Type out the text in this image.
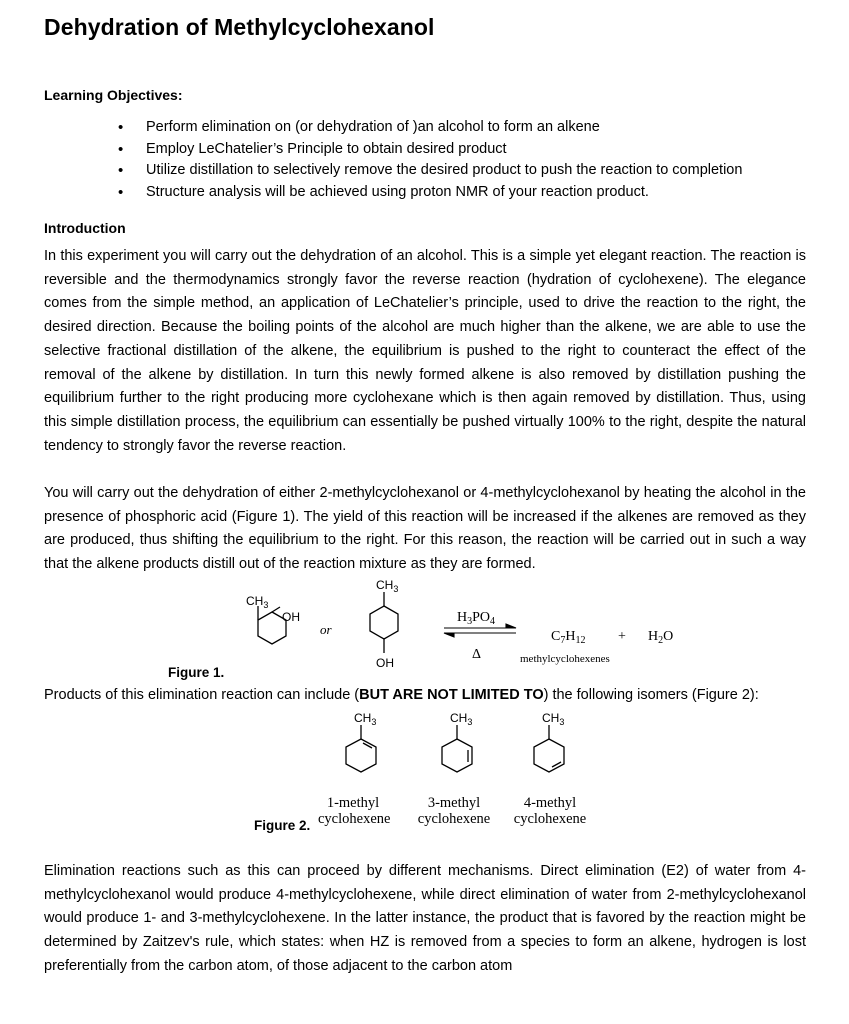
Dehydration of Methylcyclohexanol

Learning Objectives:

• Perform elimination on (or dehydration of )an alcohol to form an alkene
• Employ LeChatelier’s Principle to obtain desired product
• Utilize distillation to selectively remove the desired product to push the reaction to completion
• Structure analysis will be achieved using proton NMR of your reaction product.

Introduction

In this experiment you will carry out the dehydration of an alcohol. This is a simple yet elegant reaction. The reaction is reversible and the thermodynamics strongly favor the reverse reaction (hydration of cyclohexene). The elegance comes from the simple method, an application of LeChatelier’s principle, used to drive the reaction to the right, the desired direction. Because the boiling points of the alcohol are much higher than the alkene, we are able to use the selective fractional distillation of the alkene, the equilibrium is pushed to the right to counteract the effect of the removal of the alkene by distillation. In turn this newly formed alkene is also removed by distillation pushing the equilibrium further to the right producing more cyclohexane which is then again removed by distillation. Thus, using this simple distillation process, the equilibrium can essentially be pushed virtually 100% to the right, despite the natural tendency to strongly favor the reverse reaction.

You will carry out the dehydration of either 2-methylcyclohexanol or 4-methylcyclohexanol by heating the alcohol in the presence of phosphoric acid (Figure 1). The yield of this reaction will be increased if the alkenes are removed as they are produced, thus shifting the equilibrium to the right. For this reason, the reaction will be carried out in such a way that the alkene products distill out of the reaction mixture as they are formed.

$CH_3$
OH
or
$CH_3$
OH
$H_3PO_4$
Δ
$C_7H_{12} + H_2O$
methylcyclohexenes
Figure 1.
Products of this elimination reaction can include (BUT ARE NOT LIMITED TO) the following isomers (Figure 2):
$CH_3$	$CH_3$	$CH_3$
1-methyl
cyclohexene
3-methyl
cyclohexene
4-methyl
cyclohexene
Figure 2.

Elimination reactions such as this can proceed by different mechanisms. Direct elimination (E2) of water from 4-methylcyclohexanol would produce 4-methylcyclohexene, while direct elimination of water from 2-methylcyclohexanol would produce 1- and 3-methylcyclohexene. In the latter instance, the product that is favored by the reaction might be determined by Zaitzev's rule, which states: when HZ is removed from a species to form an alkene, hydrogen is lost preferentially from the carbon atom, of those adjacent to the carbon atom
